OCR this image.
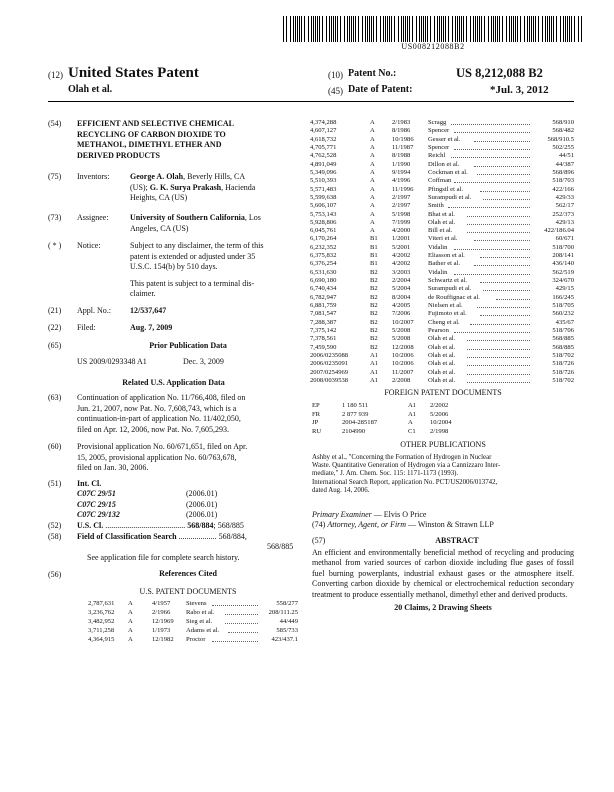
US008212088B2
(12) United States Patent
Olah et al.
(10) Patent No.:	US 8,212,088 B2
(45) Date of Patent:	*Jul. 3, 2012
(54) EFFICIENT AND SELECTIVE CHEMICAL
RECYCLING OF CARBON DIOXIDE TO
METHANOL, DIMETHYL ETHER AND
DERIVED PRODUCTS
(75) Inventors:	George A. Olah, Beverly Hills, CA
(US); G. K. Surya Prakash, Hacienda
Heights, CA (US)
(73) Assignee:	University of Southern California, Los
Angeles, CA (US)
( * ) Notice:	Subject to any disclaimer, the term of this
patent is extended or adjusted under 35
U.S.C. 154(b) by 510 days.
This patent is subject to a terminal dis-
claimer.
(21) Appl. No.: 12/537,647
(22) Filed:	Aug. 7, 2009
(65)	Prior Publication Data
US 2009/0293348 A1	Dec. 3, 2009
Related U.S. Application Data
(63) Continuation of application No. 11/766,408, filed on
Jun. 21, 2007, now Pat. No. 7,608,743, which is a
continuation-in-part of application No. 11/402,050,
filed on Apr. 12, 2006, now Pat. No. 7,605,293.
(60) Provisional application No. 60/671,651, filed on Apr.
15, 2005, provisional application No. 60/763,678,
filed on Jan. 30, 2006.
(51) Int. Cl.
C07C 29/51	(2006.01)
C07C 29/15	(2006.01)
C07C 29/132	(2006.01)
(52) U.S. Cl. ........................................ 568/884; 568/885
(58) Field of Classification Search ................... 568/884,
568/885
See application file for complete search history.
(56)	References Cited
U.S. PATENT DOCUMENTS
2,787,631 A	4/1957 Stevens	558/277
3,236,762 A	2/1966 Rabo et al.	208/111.25
3,482,952 A	12/1969 Sieg et al.	44/449
3,711,258 A	1/1973 Adams et al.	585/733
4,364,915 A	12/1982 Proctor	423/437.1
4,374,288	A	2/1983	Scragg	568/910
4,607,127	A	8/1986	Spencer	568/482
4,618,732	A	10/1986 Gesser et al.	568/910.5
4,705,771	A	11/1987 Spencer	502/255
4,762,528	A	8/1988	Reichl	44/51
4,891,049	A	1/1990	Dillon et al.	44/387
5,349,096	A	9/1994	Cockman et al.	568/896
5,510,393	A	4/1996	Coffman	518/703
5,571,483	A	11/1996 Pfingstl et al.	422/166
5,599,638	A	2/1997	Surampudi et al.	429/33
5,606,107	A	2/1997	Smith	562/17
5,753,143	A	5/1998	Bhat et al.	252/373
5,928,806	A	7/1999	Olah et al.	429/13
6,045,761	A	4/2000	Bill et al.	422/186.04
6,170,264	B1 1/2001	Viteri et al.	60/671
6,232,352	B1 5/2001	Vidalin	518/700
6,375,832	B1 4/2002	Eliasson et al.	208/141
6,376,254	B1 4/2002	Bather et al.	436/140
6,531,630	B2 3/2003	Vidalin	562/519
6,690,180	B2 2/2004	Schwartz et al.	324/670
6,740,434	B2 5/2004	Surampudi et al.	429/15
6,782,947	B2 8/2004	de Rouffignac et al.	166/245
6,881,759	B2 4/2005	Nielsen et al.	518/705
7,081,547	B2 7/2006	Fujimoto et al.	560/232
7,288,387	B2 10/2007 Cheng et al.	435/67
7,375,142	B2 5/2008	Pearson	518/706
7,378,561	B2 5/2008	Olah et al.	568/885
7,459,590	B2 12/2008 Olah et al.	568/885
2006/0235088	A1 10/2006 Olah et al.	518/702
2006/0235091	A1 10/2006 Olah et al.	518/726
2007/0254969	A1 11/2007 Olah et al.	518/726
2008/0039538	A1 2/2008	Olah et al.	518/702
FOREIGN PATENT DOCUMENTS
EP	1 180 511	A1 2/2002
FR	2 877 939	A1 5/2006
JP	2004-285187	A	10/2004
RU	2104990	C1 2/1998
OTHER PUBLICATIONS
Ashby et al., "Concerning the Formation of Hydrogen in Nuclear
Waste. Quantitative Generation of Hydrogen via a Cannizzaro Inter-
mediate," J. Am. Chem. Soc. 115: 1171-1173 (1993).
International Search Report, application No. PCT/US2006/013742,
dated Aug. 14, 2006.
Primary Examiner — Elvis O Price
(74) Attorney, Agent, or Firm — Winston & Strawn LLP
(57)	ABSTRACT
An efficient and environmentally beneficial method of recycling and producing methanol from varied sources of carbon dioxide including flue gases of fossil fuel burning powerplants, industrial exhaust gases or the atmosphere itself. Converting carbon dioxide by chemical or electrochemical reduction secondary treatment to produce essentially methanol, dimethyl ether and derived products.
20 Claims, 2 Drawing Sheets
